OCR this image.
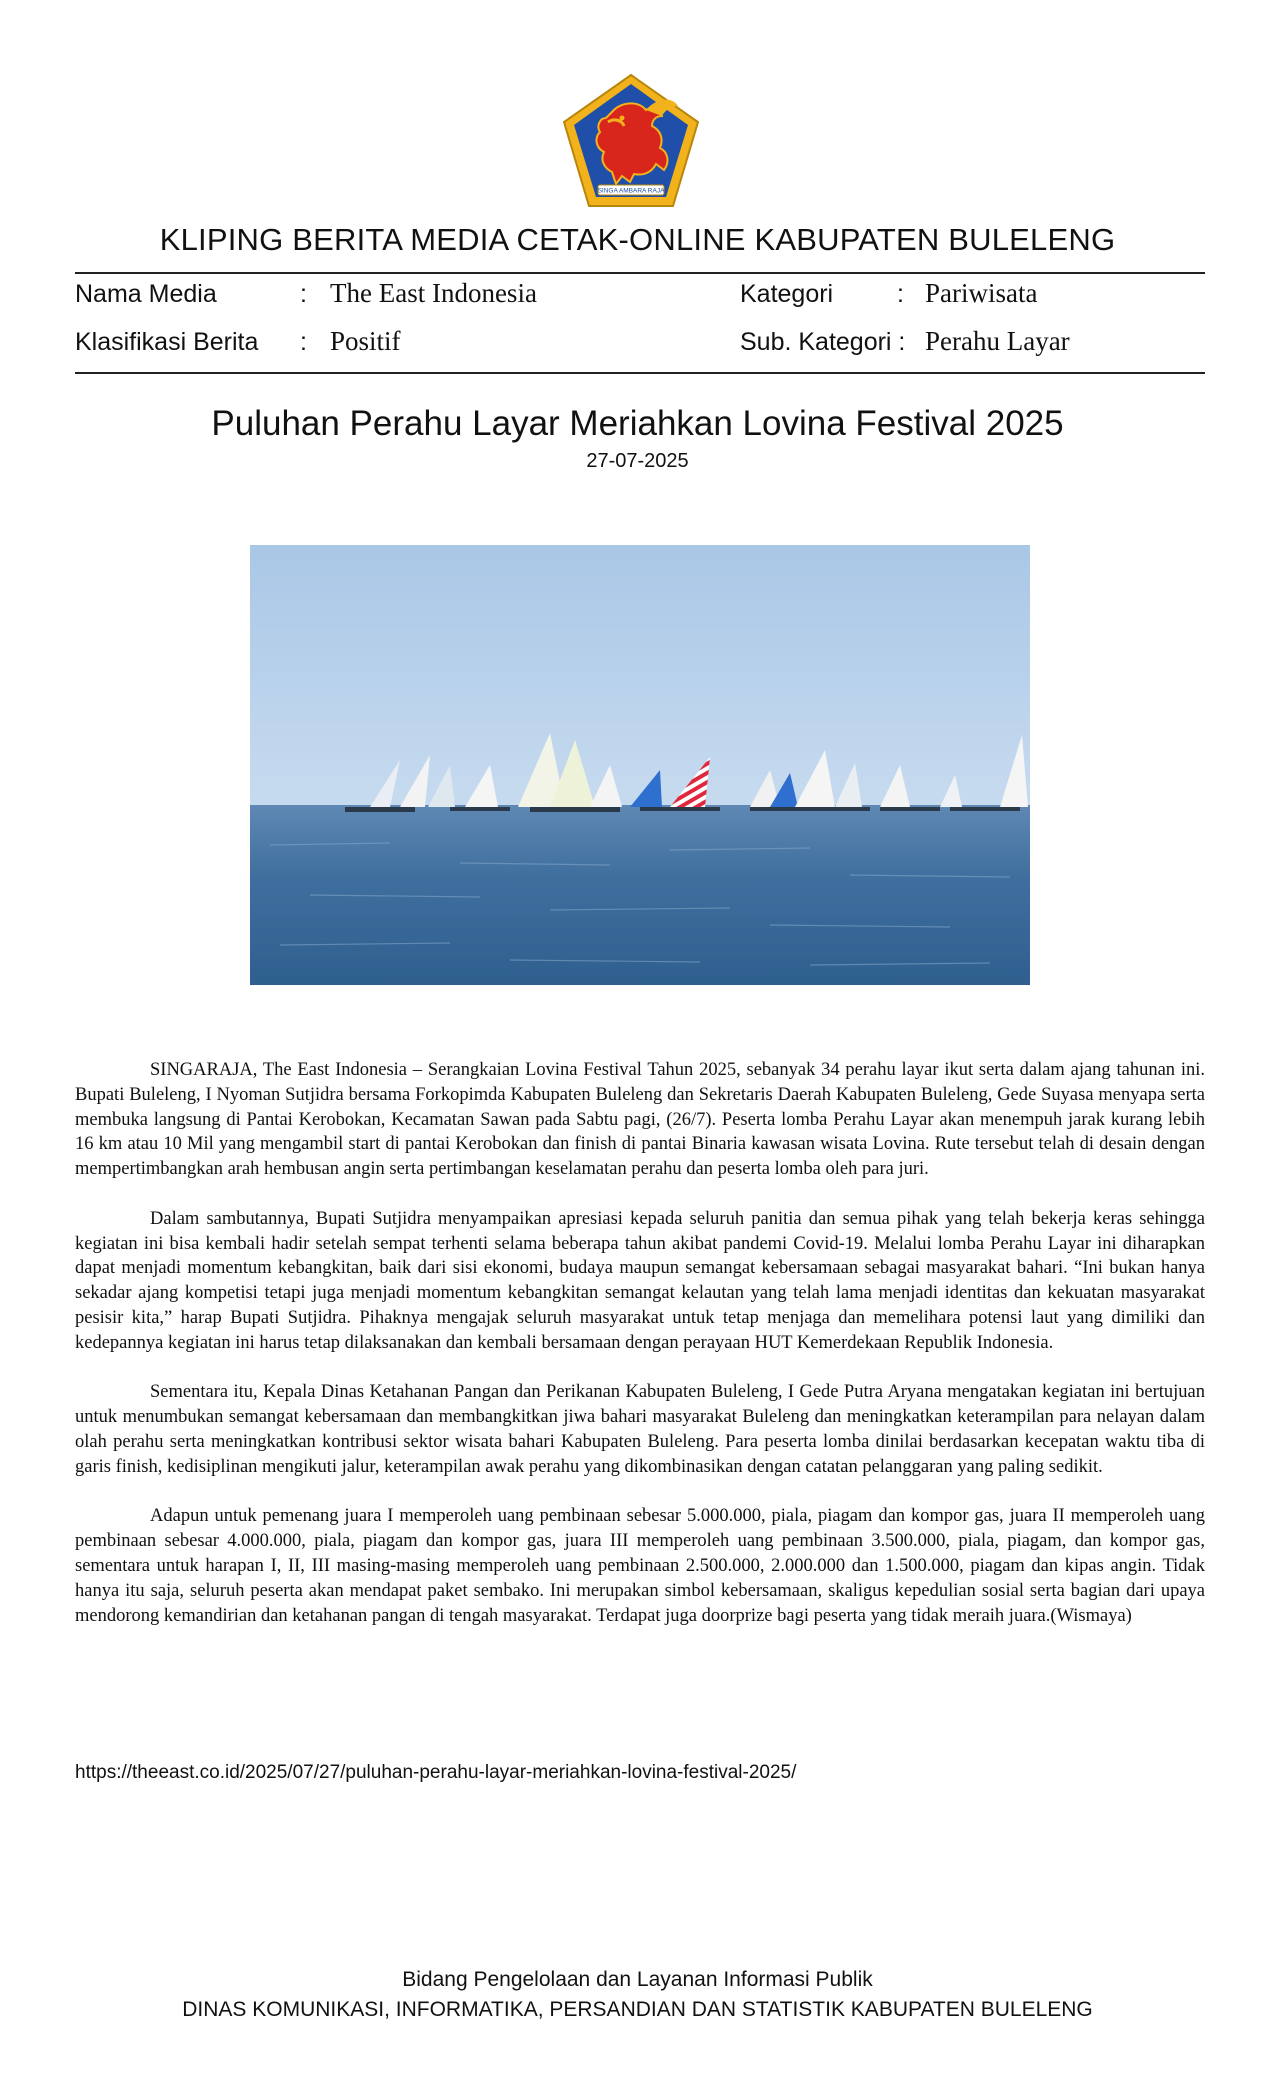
SINGA AMBARA RAJA
KLIPING BERITA MEDIA CETAK-ONLINE KABUPATEN BULELENG
Nama Media	: The East Indonesia	Kategori	: Pariwisata
Klasifikasi Berita : Positif	Sub. Kategori : Perahu Layar
Puluhan Perahu Layar Meriahkan Lovina Festival 2025
27-07-2025

SINGARAJA, The East Indonesia – Serangkaian Lovina Festival Tahun 2025, sebanyak 34 perahu layar ikut serta dalam ajang tahunan ini. Bupati Buleleng, I Nyoman Sutjidra bersama Forkopimda Kabupaten Buleleng dan Sekretaris Daerah Kabupaten Buleleng, Gede Suyasa menyapa serta membuka langsung di Pantai Kerobokan, Kecamatan Sawan pada Sabtu pagi, (26/7). Peserta lomba Perahu Layar akan menempuh jarak kurang lebih 16 km atau 10 Mil yang mengambil start di pantai Kerobokan dan finish di pantai Binaria kawasan wisata Lovina. Rute tersebut telah di desain dengan mempertimbangkan arah hembusan angin serta pertimbangan keselamatan perahu dan peserta lomba oleh para juri.

Dalam sambutannya, Bupati Sutjidra menyampaikan apresiasi kepada seluruh panitia dan semua pihak yang telah bekerja keras sehingga kegiatan ini bisa kembali hadir setelah sempat terhenti selama beberapa tahun akibat pandemi Covid-19. Melalui lomba Perahu Layar ini diharapkan dapat menjadi momentum kebangkitan, baik dari sisi ekonomi, budaya maupun semangat kebersamaan sebagai masyarakat bahari. “Ini bukan hanya sekadar ajang kompetisi tetapi juga menjadi momentum kebangkitan semangat kelautan yang telah lama menjadi identitas dan kekuatan masyarakat pesisir kita,” harap Bupati Sutjidra. Pihaknya mengajak seluruh masyarakat untuk tetap menjaga dan memelihara potensi laut yang dimiliki dan kedepannya kegiatan ini harus tetap dilaksanakan dan kembali bersamaan dengan perayaan HUT Kemerdekaan Republik Indonesia.

Sementara itu, Kepala Dinas Ketahanan Pangan dan Perikanan Kabupaten Buleleng, I Gede Putra Aryana mengatakan kegiatan ini bertujuan untuk menumbukan semangat kebersamaan dan membangkitkan jiwa bahari masyarakat Buleleng dan meningkatkan keterampilan para nelayan dalam olah perahu serta meningkatkan kontribusi sektor wisata bahari Kabupaten Buleleng. Para peserta lomba dinilai berdasarkan kecepatan waktu tiba di garis finish, kedisiplinan mengikuti jalur, keterampilan awak perahu yang dikombinasikan dengan catatan pelanggaran yang paling sedikit.

Adapun untuk pemenang juara I memperoleh uang pembinaan sebesar 5.000.000, piala, piagam dan kompor gas, juara II memperoleh uang pembinaan sebesar 4.000.000, piala, piagam dan kompor gas, juara III memperoleh uang pembinaan 3.500.000, piala, piagam, dan kompor gas, sementara untuk harapan I, II, III masing-masing memperoleh uang pembinaan 2.500.000, 2.000.000 dan 1.500.000, piagam dan kipas angin. Tidak hanya itu saja, seluruh peserta akan mendapat paket sembako. Ini merupakan simbol kebersamaan, skaligus kepedulian sosial serta bagian dari upaya mendorong kemandirian dan ketahanan pangan di tengah masyarakat. Terdapat juga doorprize bagi peserta yang tidak meraih juara.(Wismaya)

https://theeast.co.id/2025/07/27/puluhan-perahu-layar-meriahkan-lovina-festival-2025/
Bidang Pengelolaan dan Layanan Informasi Publik
DINAS KOMUNIKASI, INFORMATIKA, PERSANDIAN DAN STATISTIK KABUPATEN BULELENG
